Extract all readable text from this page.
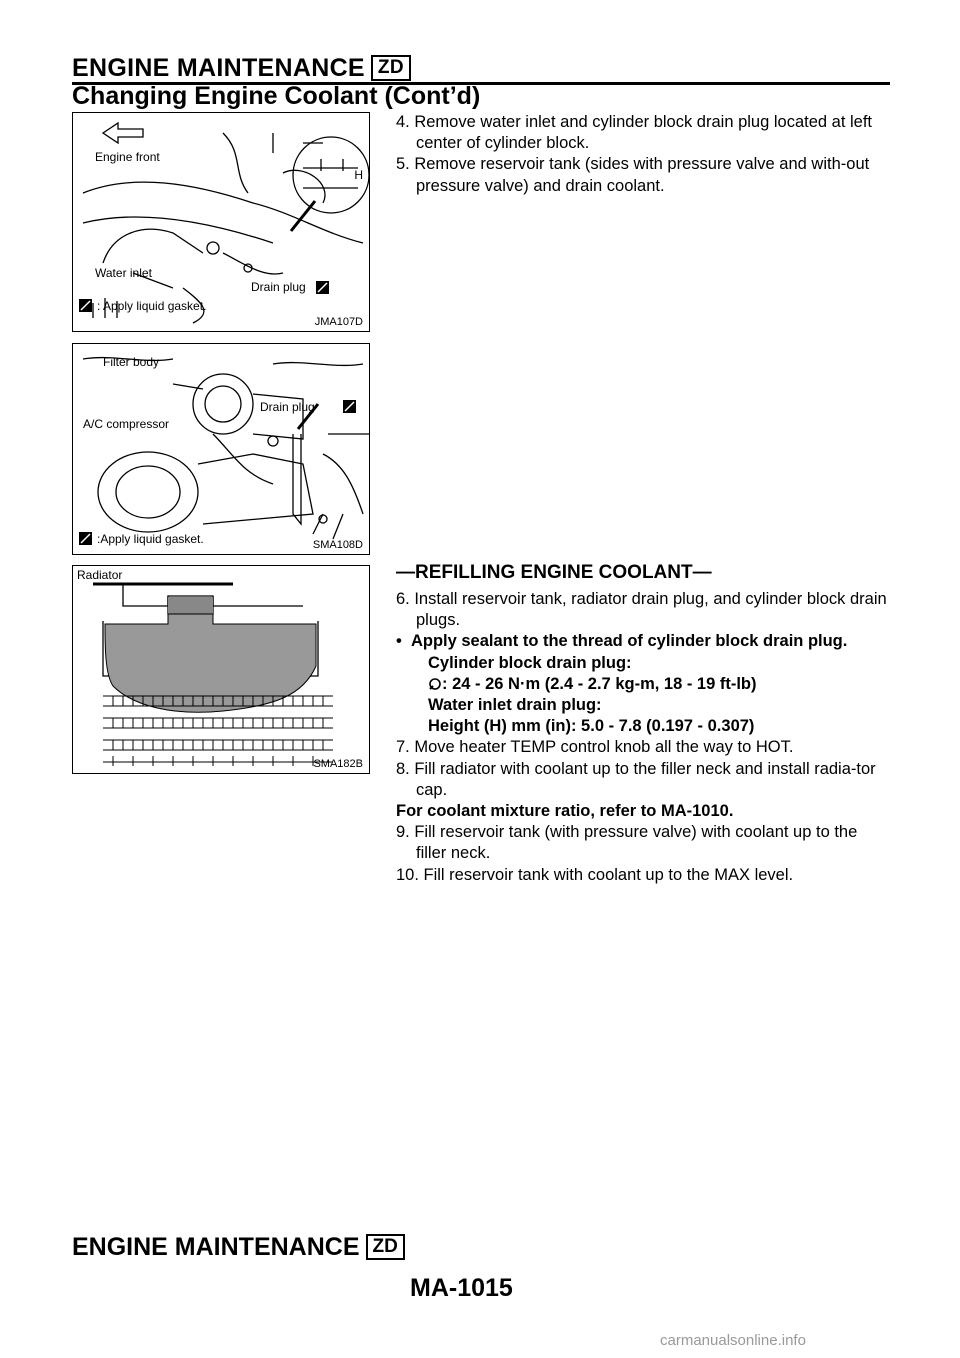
ENGINE MAINTENANCE ZD
Changing Engine Coolant (Cont’d)
Engine front
H
Water inlet
Drain plug
: Apply liquid gasket.
JMA107D
Filter body
A/C compressor
Drain plug
:Apply liquid gasket.	SMA108D
Radiator
SMA182B

4. Remove water inlet and cylinder block drain plug located at left center of cylinder block.

5. Remove reservoir tank (sides with pressure valve and with-out pressure valve) and drain coolant.

—REFILLING ENGINE COOLANT—

6. Install reservoir tank, radiator drain plug, and cylinder block drain plugs.

• Apply sealant to the thread of cylinder block drain plug.

Cylinder block drain plug:

: 24 - 26 N·m (2.4 - 2.7 kg-m, 18 - 19 ft-lb)

Water inlet drain plug:

Height (H) mm (in): 5.0 - 7.8 (0.197 - 0.307)

7. Move heater TEMP control knob all the way to HOT.

8. Fill radiator with coolant up to the filler neck and install radia-tor cap.

For coolant mixture ratio, refer to MA-1010.

9. Fill reservoir tank (with pressure valve) with coolant up to the filler neck.

10. Fill reservoir tank with coolant up to the MAX level.

ENGINE MAINTENANCE ZD
MA-1015
carmanualsonline.info
